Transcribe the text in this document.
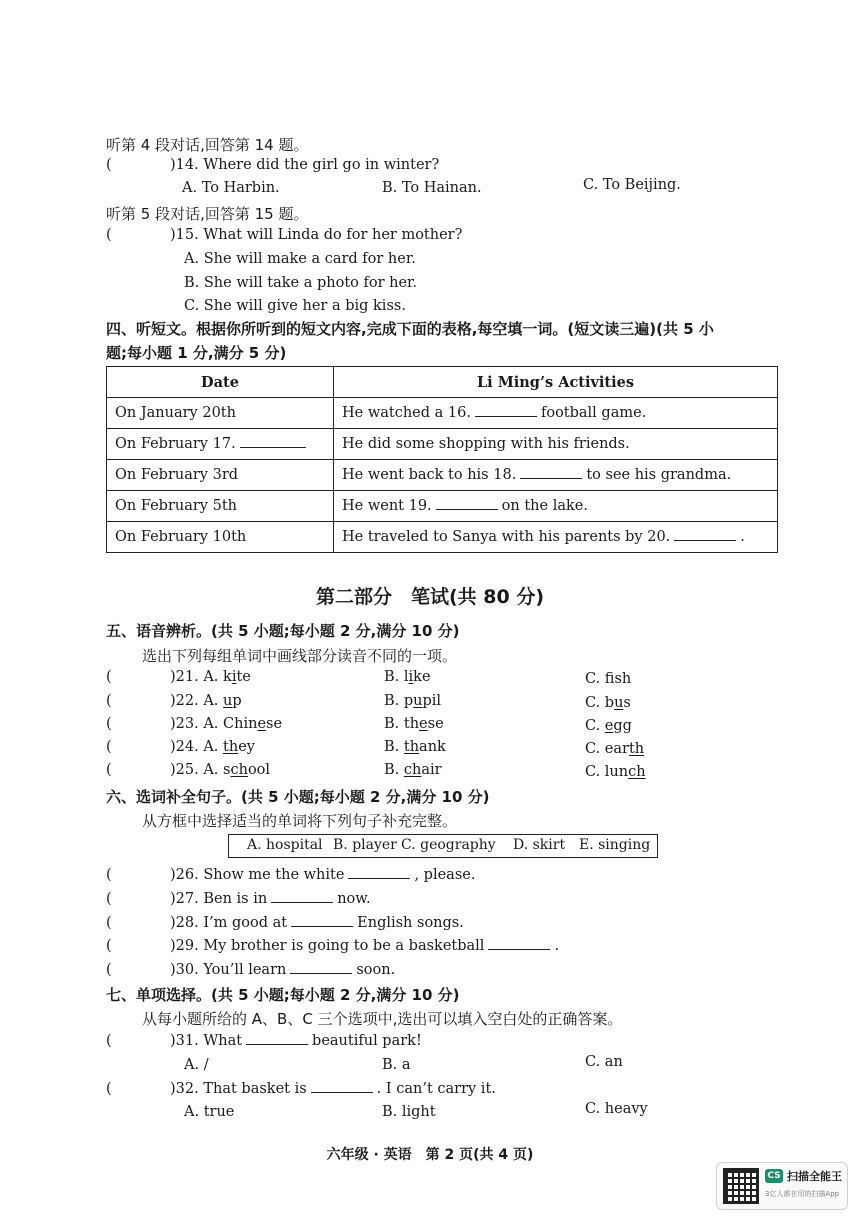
听第 4 段对话,回答第 14 题。
(	)14. Where did the girl go in winter?
A. To Harbin.	B. To Hainan.	C. To Beijing.
听第 5 段对话,回答第 15 题。
(	)15. What will Linda do for her mother?
A. She will make a card for her.
B. She will take a photo for her.
C. She will give her a big kiss.
四、听短文。根据你所听到的短文内容,完成下面的表格,每空填一词。(短文读三遍)(共 5 小
题;每小题 1 分,满分 5 分)
Date	Li Ming’s Activities
On January 20th	He watched a 16. football game.
On February 17.	He did some shopping with his friends.
On February 3rd	He went back to his 18. to see his grandma.
On February 5th	He went 19. on the lake.
On February 10th	He traveled to Sanya with his parents by 20. .
第二部分　笔试(共 80 分)
五、语音辨析。(共 5 小题;每小题 2 分,满分 10 分)
选出下列每组单词中画线部分读音不同的一项。
(	)21. A. kite	B. like	C. fsh
(	)22. A. up	B. pupil	C. bus
(	)23. A. Chinese	B. these	C. egg
(	)24. A. they	B. thank	C. earth
(	)25. A. school	B. chair	C. lunch
六、选词补全句子。(共 5 小题;每小题 2 分,满分 10 分)
从方框中选择适当的单词将下列句子补充完整。
A. hospital B. player C. geography D. skirt E. singing
(	)26. Show me the white	, please.
(	)27. Ben is in	now.
(	)28. I’m good at	English songs.
(	)29. My brother is going to be a basketball	.
(	)30. You’ll learn	soon.
七、单项选择。(共 5 小题;每小题 2 分,满分 10 分)
从每小题所给的 A、B、C 三个选项中,选出可以填入空白处的正确答案。
(	)31. What	beautiful park!
A. /	B. a	C. an
(	)32. That basket is	. I can’t carry it.
A. true	B. light	C. heavy
六年级 · 英语　第 2 页(共 4 页)
CS 扫描全能王
3亿人都在用的扫描App
